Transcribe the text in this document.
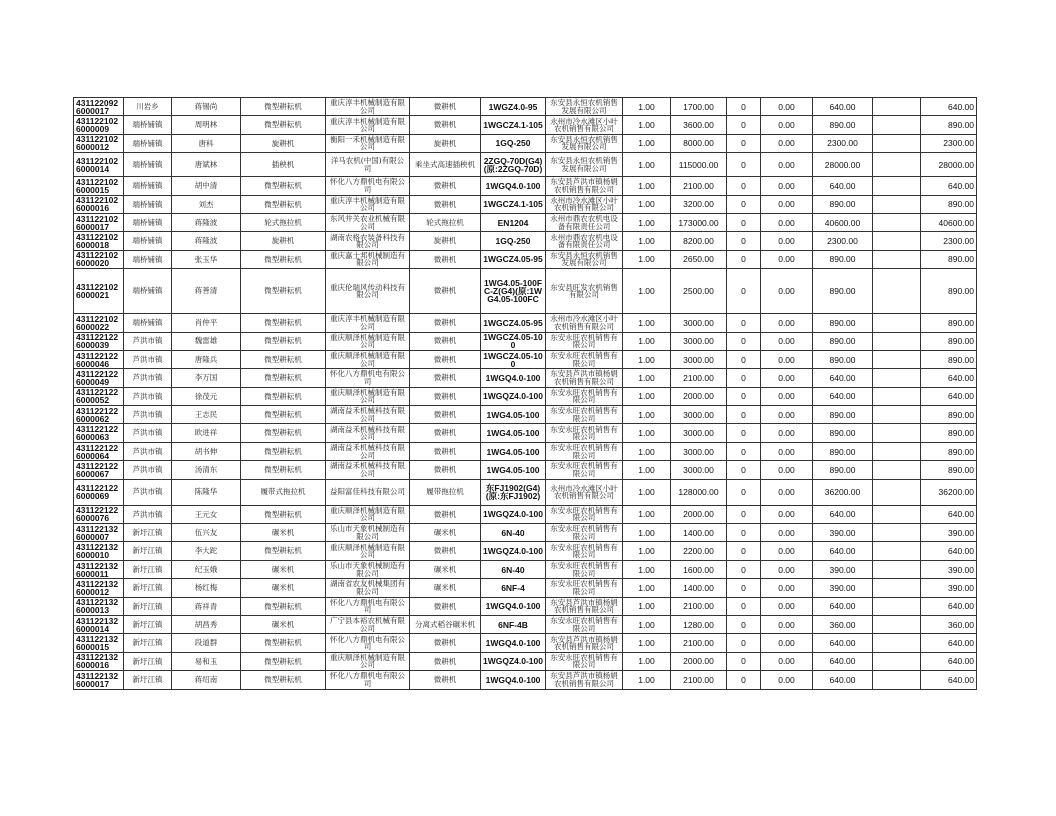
4311220926000017	川岩乡	蒋锡尚	微型耕耘机	重庆淳丰机械制造有限公司	微耕机	1WGZ4.0-95	东安县永恒农机销售发展有限公司	1.00	1700.00	0	0.00	640.00		640.00
4311221026000009	端桥铺镇	周明林	微型耕耘机	重庆淳丰机械制造有限公司	微耕机	1WGCZ4.1-105	永州市冷水滩区小叶农机销售有限公司	1.00	3600.00	0	0.00	890.00		890.00
4311221026000012	端桥铺镇	唐科	旋耕机	衡阳一禾机械制造有限公司	旋耕机	1GQ-250	东安县永恒农机销售发展有限公司	1.00	8000.00	0	0.00	2300.00		2300.00
4311221026000014	端桥铺镇	唐斌林	插秧机	洋马农机(中国)有限公司	乘坐式高速插秧机	2ZGQ-70D(G4)(原:2ZGQ-70D)	东安县永恒农机销售发展有限公司	1.00	115000.00	0	0.00	28000.00		28000.00
4311221026000015	端桥铺镇	胡中清	微型耕耘机	怀化八方鼎机电有限公司	微耕机	1WGQ4.0-100	东安县芦洪市镇杨娟农机销售有限公司	1.00	2100.00	0	0.00	640.00		640.00
4311221026000016	端桥铺镇	刘杰	微型耕耘机	重庆淳丰机械制造有限公司	微耕机	1WGCZ4.1-105	永州市冷水滩区小叶农机销售有限公司	1.00	3200.00	0	0.00	890.00		890.00
4311221026000017	端桥铺镇	蒋隆波	轮式拖拉机	东风井关农业机械有限公司	轮式拖拉机	EN1204	永州市鼎农农机电设备有限责任公司	1.00	173000.00	0	0.00	40600.00		40600.00
4311221026000018	端桥铺镇	蒋隆波	旋耕机	湖南农格农装备科技有限公司	旋耕机	1GQ-250	永州市鼎农农机电设备有限责任公司	1.00	8200.00	0	0.00	2300.00		2300.00
4311221026000020	端桥铺镇	张玉华	微型耕耘机	重庆嘉士邦机械制造有限公司	微耕机	1WGCZ4.05-95	东安县永恒农机销售发展有限公司	1.00	2650.00	0	0.00	890.00		890.00
4311221026000021	端桥铺镇	蒋善清	微型耕耘机	重庆伦瑞风传动科技有限公司	微耕机	1WG4.05-100FC-Z(G4)(原:1WG4.05-100FC	东安县旺发农机销售有限公司	1.00	2500.00	0	0.00	890.00		890.00
4311221026000022	端桥铺镇	肖仲平	微型耕耘机	重庆淳丰机械制造有限公司	微耕机	1WGCZ4.05-95	永州市冷水滩区小叶农机销售有限公司	1.00	3000.00	0	0.00	890.00		890.00
4311221226000039	芦洪市镇	魏雷雄	微型耕耘机	重庆顺泽机械制造有限公司	微耕机	1WGCZ4.05-100	东安永旺农机销售有限公司	1.00	3000.00	0	0.00	890.00		890.00
4311221226000046	芦洪市镇	唐隆兵	微型耕耘机	重庆顺泽机械制造有限公司	微耕机	1WGCZ4.05-100	东安永旺农机销售有限公司	1.00	3000.00	0	0.00	890.00		890.00
4311221226000049	芦洪市镇	李万国	微型耕耘机	怀化八方鼎机电有限公司	微耕机	1WGQ4.0-100	东安县芦洪市镇杨娟农机销售有限公司	1.00	2100.00	0	0.00	640.00		640.00
4311221226000052	芦洪市镇	徐茂元	微型耕耘机	重庆顺泽机械制造有限公司	微耕机	1WGQZ4.0-100	东安永旺农机销售有限公司	1.00	2000.00	0	0.00	640.00		640.00
4311221226000062	芦洪市镇	王志民	微型耕耘机	湖南益禾机械科技有限公司	微耕机	1WG4.05-100	东安永旺农机销售有限公司	1.00	3000.00	0	0.00	890.00		890.00
4311221226000063	芦洪市镇	欧进祥	微型耕耘机	湖南益禾机械科技有限公司	微耕机	1WG4.05-100	东安永旺农机销售有限公司	1.00	3000.00	0	0.00	890.00		890.00
4311221226000064	芦洪市镇	胡书伸	微型耕耘机	湖南益禾机械科技有限公司	微耕机	1WG4.05-100	东安永旺农机销售有限公司	1.00	3000.00	0	0.00	890.00		890.00
4311221226000067	芦洪市镇	汤清东	微型耕耘机	湖南益禾机械科技有限公司	微耕机	1WG4.05-100	东安永旺农机销售有限公司	1.00	3000.00	0	0.00	890.00		890.00
4311221226000069	芦洪市镇	陈隆华	履带式拖拉机	益阳富佳科技有限公司	履带拖拉机	东FJ1902(G4)(原:东FJ1902)	永州市冷水滩区小叶农机销售有限公司	1.00	128000.00	0	0.00	36200.00		36200.00
4311221226000076	芦洪市镇	王元女	微型耕耘机	重庆顺泽机械制造有限公司	微耕机	1WGQZ4.0-100	东安永旺农机销售有限公司	1.00	2000.00	0	0.00	640.00		640.00
4311221326000007	新圩江镇	伍兴友	碾米机	乐山市天象机械制造有限公司	碾米机	6N-40	东安永旺农机销售有限公司	1.00	1400.00	0	0.00	390.00		390.00
4311221326000010	新圩江镇	李大跎	微型耕耘机	重庆顺泽机械制造有限公司	微耕机	1WGQZ4.0-100	东安永旺农机销售有限公司	1.00	2200.00	0	0.00	640.00		640.00
4311221326000011	新圩江镇	纪玉娥	碾米机	乐山市天象机械制造有限公司	碾米机	6N-40	东安永旺农机销售有限公司	1.00	1600.00	0	0.00	390.00		390.00
4311221326000012	新圩江镇	杨红梅	碾米机	湖南省农友机械集团有限公司	碾米机	6NF-4	东安永旺农机销售有限公司	1.00	1400.00	0	0.00	390.00		390.00
4311221326000013	新圩江镇	蒋祥青	微型耕耘机	怀化八方鼎机电有限公司	微耕机	1WGQ4.0-100	东安县芦洪市镇杨娟农机销售有限公司	1.00	2100.00	0	0.00	640.00		640.00
4311221326000014	新圩江镇	胡昌秀	碾米机	广宁县本裕农机械有限公司	分离式稻谷碾米机	6NF-4B	东安永旺农机销售有限公司	1.00	1280.00	0	0.00	360.00		360.00
4311221326000015	新圩江镇	段道群	微型耕耘机	怀化八方鼎机电有限公司	微耕机	1WGQ4.0-100	东安县芦洪市镇杨娟农机销售有限公司	1.00	2100.00	0	0.00	640.00		640.00
4311221326000016	新圩江镇	易和玉	微型耕耘机	重庆顺泽机械制造有限公司	微耕机	1WGQZ4.0-100	东安永旺农机销售有限公司	1.00	2000.00	0	0.00	640.00		640.00
4311221326000017	新圩江镇	蒋绍南	微型耕耘机	怀化八方鼎机电有限公司	微耕机	1WGQ4.0-100	东安县芦洪市镇杨娟农机销售有限公司	1.00	2100.00	0	0.00	640.00		640.00
